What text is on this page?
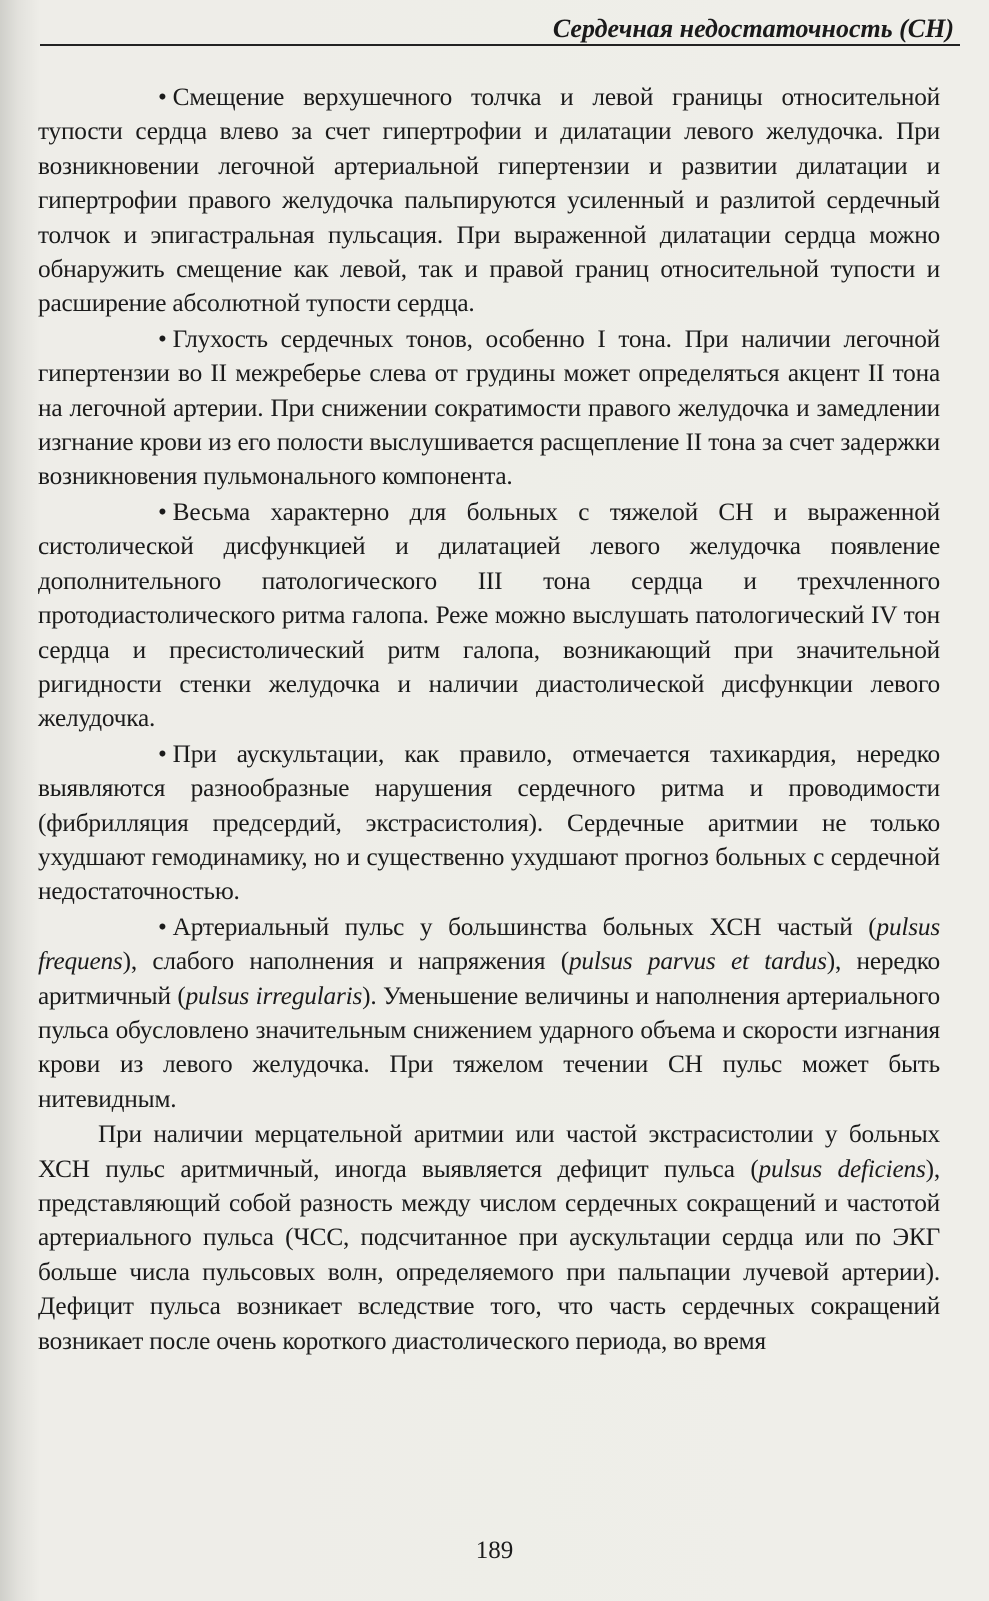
Сердечная недостаточность (СН)

• Смещение верхушечного толчка и левой границы относительной тупости сердца влево за счет гипертрофии и дилатации левого желудочка. При возникновении легочной артериальной гипертензии и развитии дилатации и гипертрофии правого желудочка пальпируются усиленный и разлитой сердечный толчок и эпигастральная пульсация. При выраженной дилатации сердца можно обнаружить смещение как левой, так и правой границ относительной тупости и расширение абсолютной тупости сердца.

• Глухость сердечных тонов, особенно I тона. При наличии легочной гипертензии во II межреберье слева от грудины может определяться акцент II тона на легочной артерии. При снижении сократимости правого желудочка и замедлении изгнание крови из его полости выслушивается расщепление II тона за счет задержки возникновения пульмонального компонента.

• Весьма характерно для больных с тяжелой СН и выраженной систолической дисфункцией и дилатацией левого желудочка появление дополнительного патологического III тона сердца и трехчленного протодиастолического ритма галопа. Реже можно выслушать патологический IV тон сердца и пресистолический ритм галопа, возникающий при значительной ригидности стенки желудочка и наличии диастолической дисфункции левого желудочка.

• При аускультации, как правило, отмечается тахикардия, нередко выявляются разнообразные нарушения сердечного ритма и проводимости (фибрилляция предсердий, экстрасистолия). Сердечные аритмии не только ухудшают гемодинамику, но и существенно ухудшают прогноз больных с сердечной недостаточностью.

• Артериальный пульс у большинства больных ХСН частый (pulsus frequens), слабого наполнения и напряжения (pulsus parvus et tardus), нередко аритмичный (pulsus irregularis). Уменьшение величины и наполнения артериального пульса обусловлено значительным снижением ударного объема и скорости изгнания крови из левого желудочка. При тяжелом течении СН пульс может быть нитевидным.

При наличии мерцательной аритмии или частой экстрасистолии у больных ХСН пульс аритмичный, иногда выявляется дефицит пульса (pulsus deficiens), представляющий собой разность между числом сердечных сокращений и частотой артериального пульса (ЧСС, подсчитанное при аускультации сердца или по ЭКГ больше числа пульсовых волн, определяемого при пальпации лучевой артерии). Дефицит пульса возникает вследствие того, что часть сердечных сокращений возникает после очень короткого диастолического периода, во время

189
